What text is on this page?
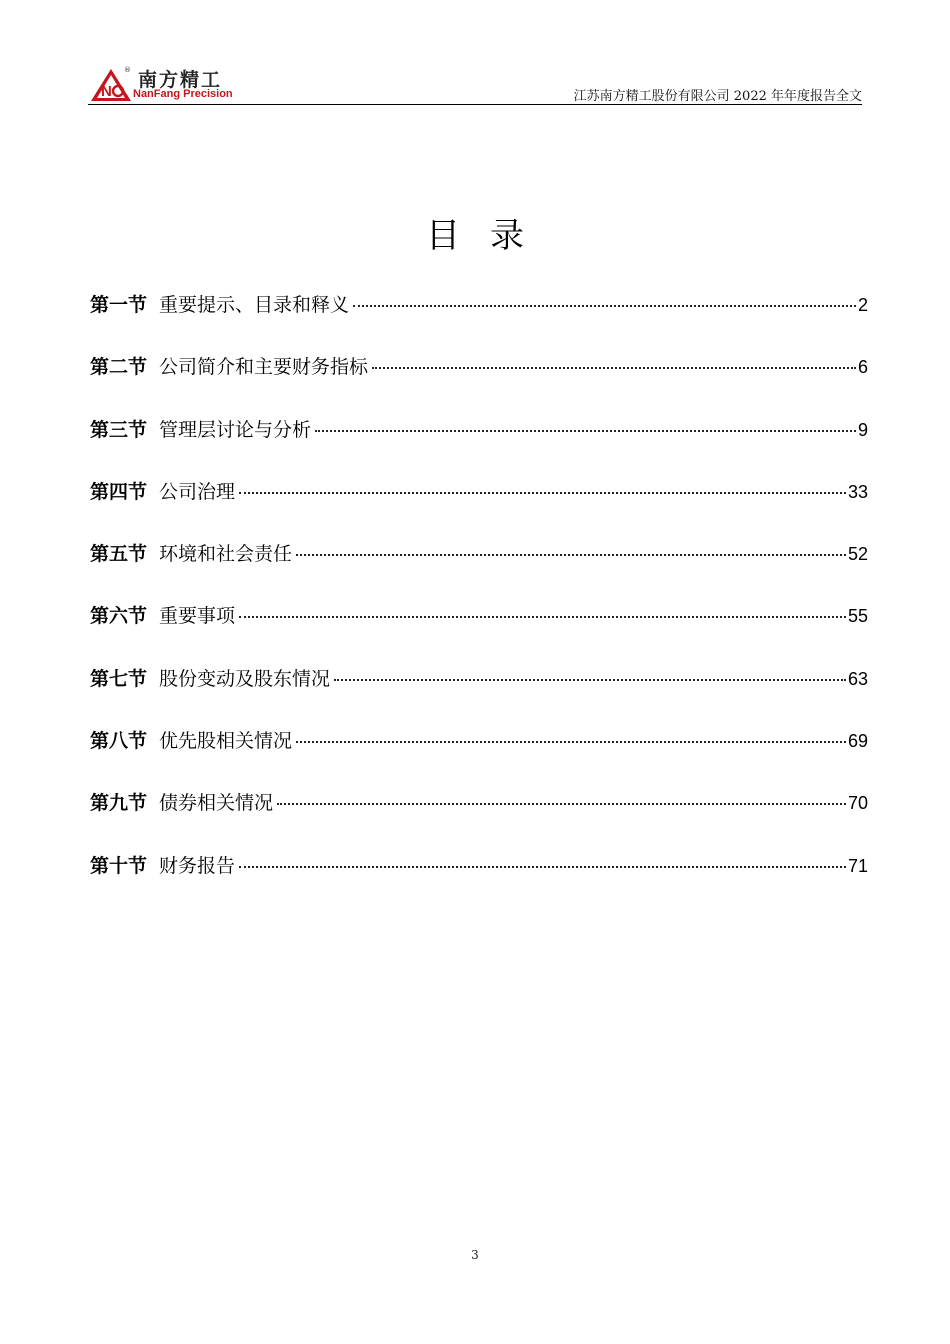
N
® 南方精工
NanFang Precision	江苏南方精工股份有限公司 2022 年年度报告全文
目录
第一节 重要提示、目录和释义	2
第二节 公司简介和主要财务指标	6
第三节 管理层讨论与分析	9
第四节 公司治理	33
第五节 环境和社会责任	52
第六节 重要事项	55
第七节 股份变动及股东情况	63
第八节 优先股相关情况	69
第九节 债券相关情况	70
第十节 财务报告	71
3
